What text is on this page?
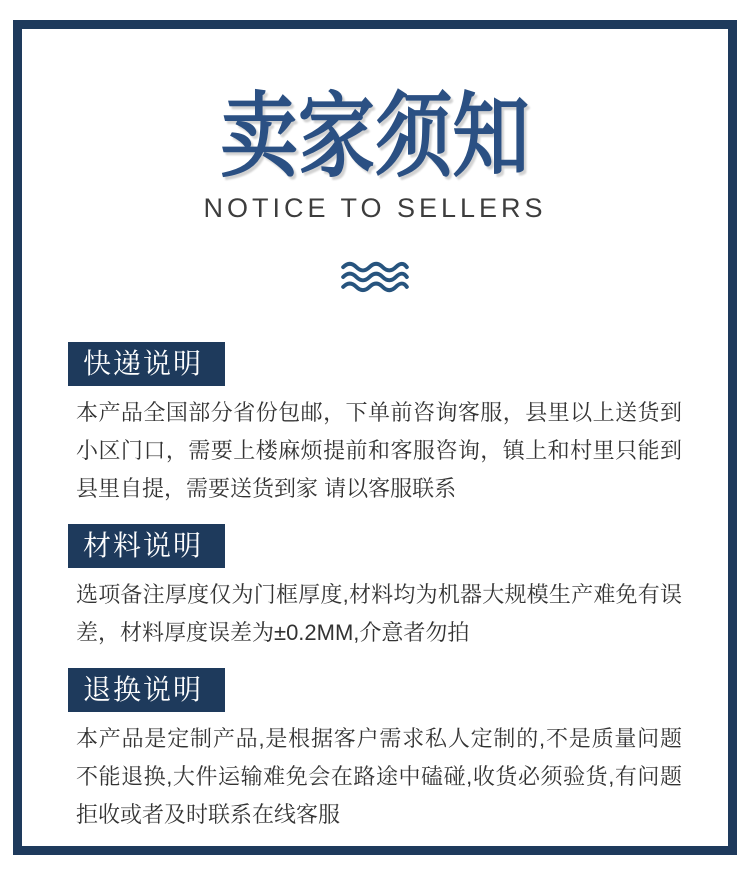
卖家须知
NOTICE TO SELLERS
快递说明
本产品全国部分省份包邮，下单前咨询客服，县里以上送货到小区门口，需要上楼麻烦提前和客服咨询，镇上和村里只能到县里自提，需要送货到家 请以客服联系
材料说明
选项备注厚度仅为门框厚度,材料均为机器大规模生产难免有误差，材料厚度误差为±0.2MM,介意者勿拍
退换说明
本产品是定制产品,是根据客户需求私人定制的,不是质量问题不能退换,大件运输难免会在路途中磕碰,收货必须验货,有问题拒收或者及时联系在线客服
